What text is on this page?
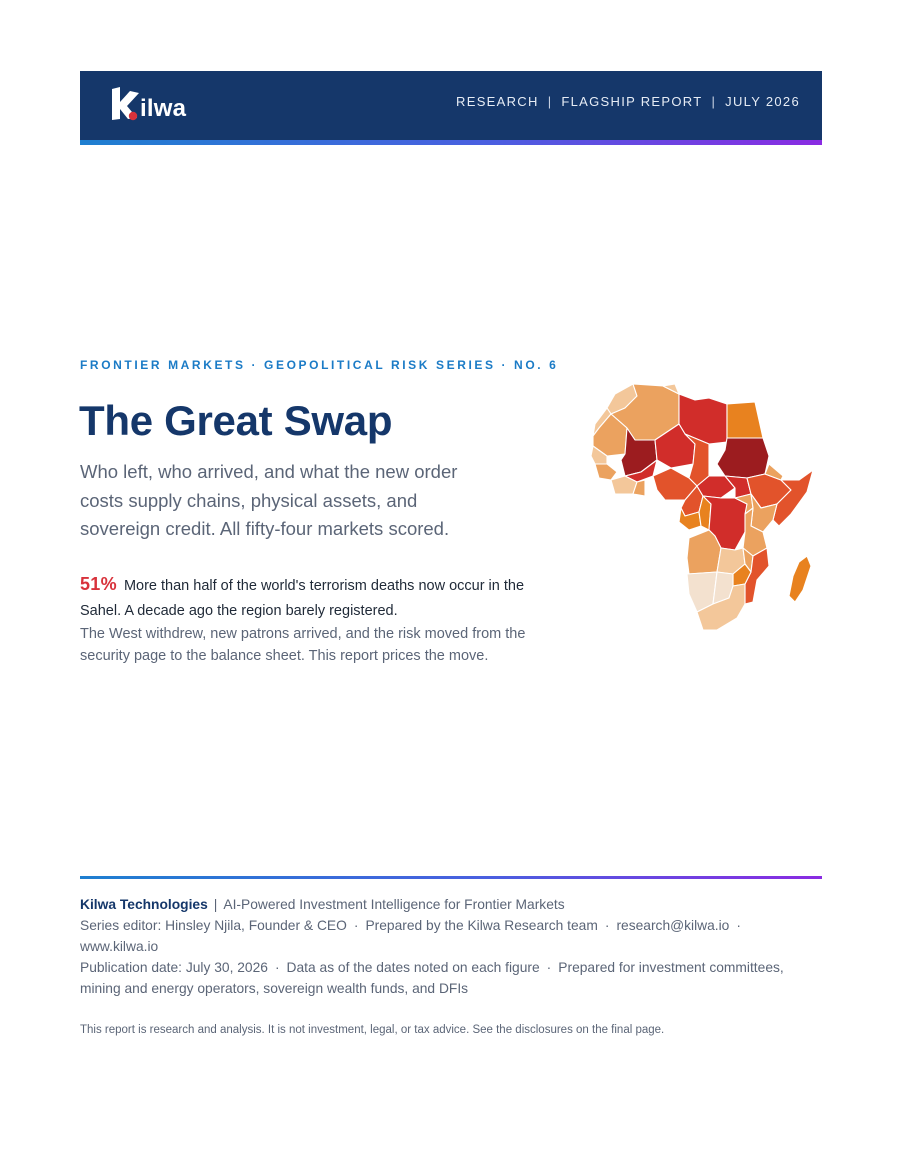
ilwa	RESEARCH | FLAGSHIP REPORT | JULY 2026
FRONTIER MARKETS · GEOPOLITICAL RISK SERIES · NO. 6
The Great Swap
Who left, who arrived, and what the new order costs supply chains, physical assets, and sovereign credit. All fifty-four markets scored.
51% More than half of the world's terrorism deaths now occur in the Sahel. A decade ago the region barely registered.
The West withdrew, new patrons arrived, and the risk moved from the security page to the balance sheet. This report prices the move.
Kilwa Technologies | AI-Powered Investment Intelligence for Frontier Markets
Series editor: Hinsley Njila, Founder & CEO · Prepared by the Kilwa Research team · research@kilwa.io ·
www.kilwa.io
Publication date: July 30, 2026 · Data as of the dates noted on each figure · Prepared for investment committees, mining and energy operators, sovereign wealth funds, and DFIs
This report is research and analysis. It is not investment, legal, or tax advice. See the disclosures on the final page.
